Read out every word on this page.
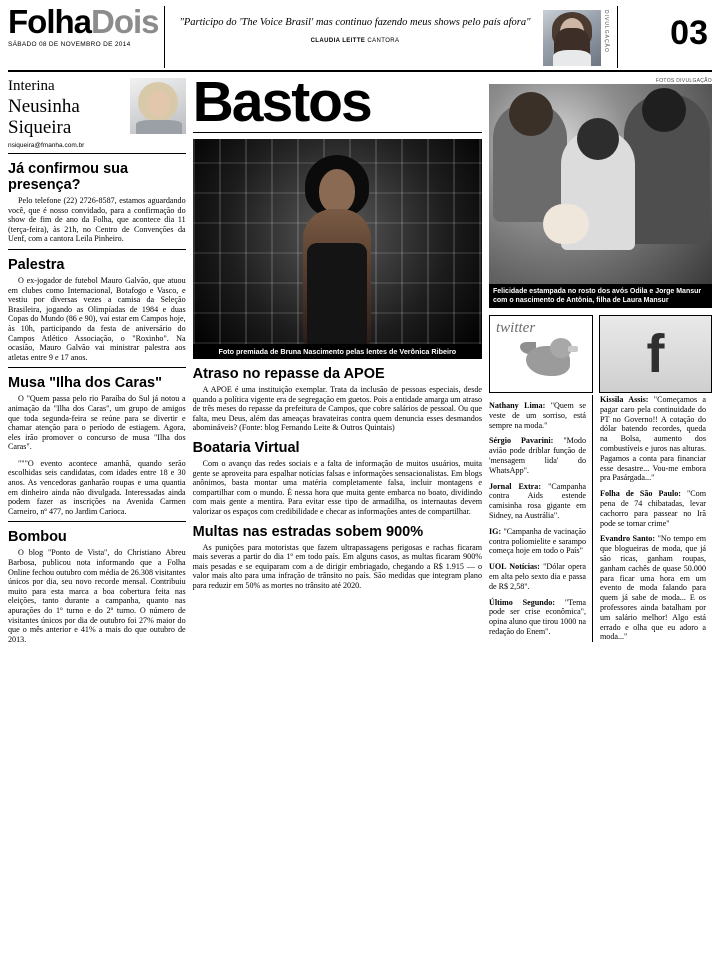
FolhaDois
SÁBADO 08 DE NOVEMBRO DE 2014
"Participo do 'The Voice Brasil' mas continuo fazendo meus shows pelo país afora"
CLAUDIA LEITTE CANTORA	DIVULGAÇÃO	03
Interina
Neusinha Siqueira
nsiqueira@fmanha.com.br
Já confirmou sua presença?

Pelo telefone (22) 2726-8587, estamos aguardando você, que é nosso convidado, para a confirmação do show de fim de ano da Folha, que acontece dia 11 (terça-feira), às 21h, no Centro de Convenções da Uenf, com a cantora Leila Pinheiro.

Palestra

O ex-jogador de futebol Mauro Galvão, que atuou em clubes como Internacional, Botafogo e Vasco, e vestiu por diversas vezes a camisa da Seleção Brasileira, jogando as Olimpíadas de 1984 e duas Copas do Mundo (86 e 90), vai estar em Campos hoje, às 10h, participando da festa de aniversário do Campos Atlético Associação, o "Roxinho". Na ocasião, Mauro Galvão vai ministrar palestra aos atletas entre 9 e 17 anos.

Musa "Ilha dos Caras"

O "Quem passa pelo rio Paraíba do Sul já notou a animação da "Ilha dos Caras", um grupo de amigos que toda segunda-feira se reúne para se divertir e chamar atenção para o período de estiagem. Agora, eles irão promover o concurso de musa "Ilha dos Caras".

"""O evento acontece amanhã, quando serão escolhidas seis candidatas, com idades entre 18 e 30 anos. As vencedoras ganharão roupas e uma quantia em dinheiro ainda não divulgada. Interessadas ainda podem fazer as inscrições na Avenida Carmen Carneiro, nº 477, no Jardim Carioca.

Bombou

O blog "Ponto de Vista", do Christiano Abreu Barbosa, publicou nota informando que a Folha Online fechou outubro com média de 26.308 visitantes únicos por dia, seu novo recorde mensal. Contribuiu muito para esta marca a boa cobertura feita nas eleições, tanto durante a campanha, quanto nas apurações do 1º turno e do 2º turno. O número de visitantes únicos por dia de outubro foi 27% maior do que o mês anterior e 41% a mais do que outubro de 2013.

Bastos
Foto premiada de Bruna Nascimento pelas lentes de Verônica Ribeiro
Atraso no repasse da APOE

A APOE é uma instituição exemplar. Trata da inclusão de pessoas especiais, desde quando a política vigente era de segregação em guetos. Pois a entidade amarga um atraso de três meses do repasse da prefeitura de Campos, que cobre salários de pessoal. Ou que falta, meu Deus, além das ameaças bravateiras contra quem denuncia esses desmandos abomináveis? (Fonte: blog Fernando Leite & Outros Quintais)

Boataria Virtual

Com o avanço das redes sociais e a falta de informação de muitos usuários, muita gente se aproveita para espalhar notícias falsas e informações sensacionalistas. Em blogs anônimos, basta montar uma matéria completamente falsa, incluir montagens e compartilhar com o mundo. É nessa hora que muita gente embarca no boato, dividindo com mais gente a mentira. Para evitar esse tipo de armadilha, os internautas devem valorizar os espaços com credibilidade e checar as informações antes de compartilhar.

Multas nas estradas sobem 900%

As punições para motoristas que fazem ultrapassagens perigosas e rachas ficaram mais severas a partir do dia 1º em todo país. Em alguns casos, as multas ficaram 900% mais pesadas e se equiparam com a de dirigir embriagado, chegando a R$ 1.915 — o valor mais alto para uma infração de trânsito no país. São medidas que integram plano para reduzir em 50% as mortes no trânsito até 2020.

FOTOS DIVULGAÇÃO
Felicidade estampada no rosto dos avós Odila e Jorge Mansur com o nascimento de Antônia, filha de Laura Mansur
twitter	f
Nathany Lima: "Quem se veste de um sorriso, está sempre na moda."
Sérgio Pavarini: "Modo avião pode driblar função de 'mensagem lida' do WhatsApp".
Jornal Extra: "Campanha contra Aids estende camisinha rosa gigante em Sidney, na Austrália".
IG: "Campanha de vacinação contra poliomielite e sarampo começa hoje em todo o País"
UOL Notícias: "Dólar opera em alta pelo sexto dia e passa de R$ 2,58".
Último Segundo: "Tema pode ser crise econômica", opina aluno que tirou 1000 na redação do Enem".
Kissila Assis: "Começamos a pagar caro pela continuidade do PT no Governo!! A cotação do dólar batendo recordes, queda na Bolsa, aumento dos combustíveis e juros nas alturas. Pagamos a conta para financiar esse desastre... Vou-me embora pra Pasárgada..."
Folha de São Paulo: "Com pena de 74 chibatadas, levar cachorro para passear no Irã pode se tornar crime"
Evandro Santo: "No tempo em que blogueiras de moda, que já são ricas, ganham roupas, ganham cachês de quase 50.000 para ficar uma hora em um evento de moda falando para quem já sabe de moda... E os professores ainda batalham por um salário melhor! Algo está errado e olha que eu adoro a moda..."
